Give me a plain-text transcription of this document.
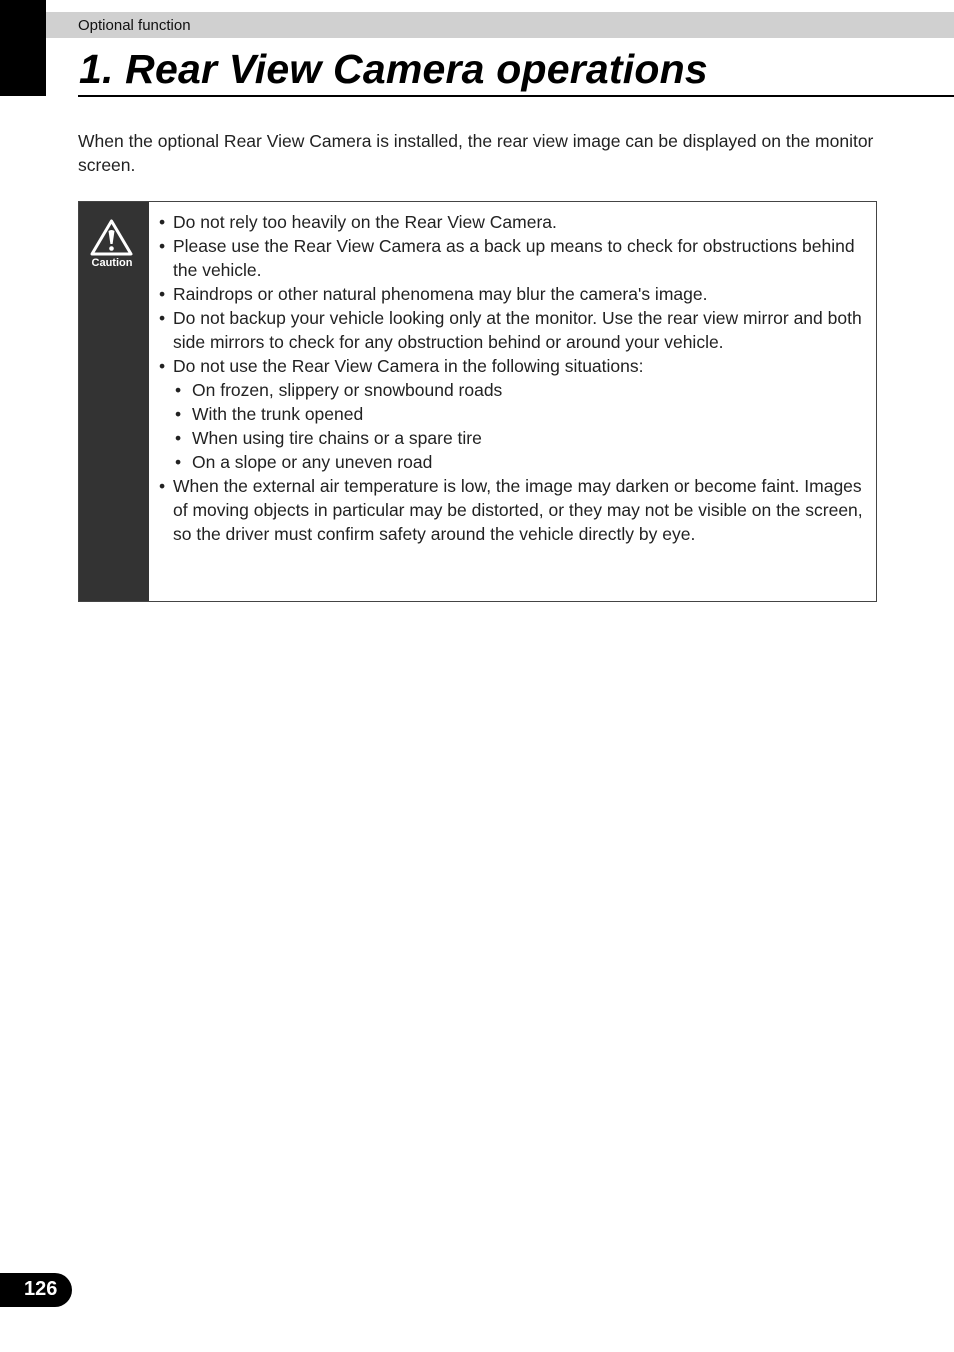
Optional function
1. Rear View Camera operations

When the optional Rear View Camera is installed, the rear view image can be displayed on the monitor screen.

Caution
• Do not rely too heavily on the Rear View Camera.
• Please use the Rear View Camera as a back up means to check for obstructions behind the vehicle.
• Raindrops or other natural phenomena may blur the camera's image.
• Do not backup your vehicle looking only at the monitor. Use the rear view mirror and both side mirrors to check for any obstruction behind or around your vehicle.
• Do not use the Rear View Camera in the following situations:
• On frozen, slippery or snowbound roads
• With the trunk opened
• When using tire chains or a spare tire
• On a slope or any uneven road
• When the external air temperature is low, the image may darken or become faint. Images of moving objects in particular may be distorted, or they may not be visible on the screen, so the driver must confirm safety around the vehicle directly by eye.
126
